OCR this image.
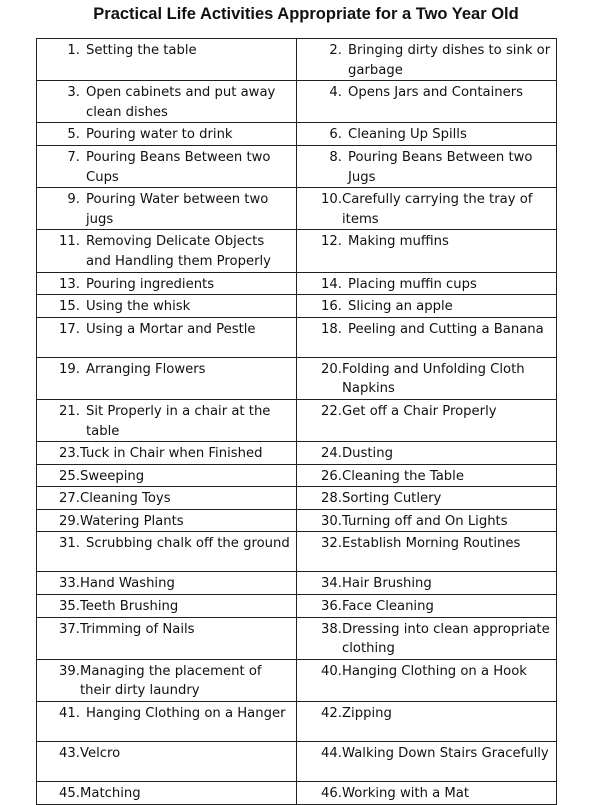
Practical Life Activities Appropriate for a Two Year Old
1. Setting the table	2. Bringing dirty dishes to sink or garbage

3. Open cabinets and put away clean dishes	4. Opens Jars and Containers

5. Pouring water to drink	6. Cleaning Up Spills

7. Pouring Beans Between two Cups	8. Pouring Beans Between two Jugs

9. Pouring Water between two jugs	10. Carefully carrying the tray of items

11. Removing Delicate Objects and Handling them Properly	12. Making muffins

13. Pouring ingredients	14. Placing muffin cups

15. Using the whisk	16. Slicing an apple

17. Using a Mortar and Pestle	18. Peeling and Cutting a Banana

19. Arranging Flowers	20. Folding and Unfolding Cloth Napkins

21. Sit Properly in a chair at the table	22. Get off a Chair Properly

23. Tuck in Chair when Finished	24. Dusting

25. Sweeping	26. Cleaning the Table

27. Cleaning Toys	28. Sorting Cutlery

29. Watering Plants	30. Turning off and On Lights

31. Scrubbing chalk off the ground	32. Establish Morning Routines

33. Hand Washing	34. Hair Brushing

35. Teeth Brushing	36. Face Cleaning

37. Trimming of Nails	38. Dressing into clean appropriate clothing

39. Managing the placement of their dirty laundry	40. Hanging Clothing on a Hook

41. Hanging Clothing on a Hanger	42. Zipping

43. Velcro	44. Walking Down Stairs Gracefully

45. Matching	46. Working with a Mat
